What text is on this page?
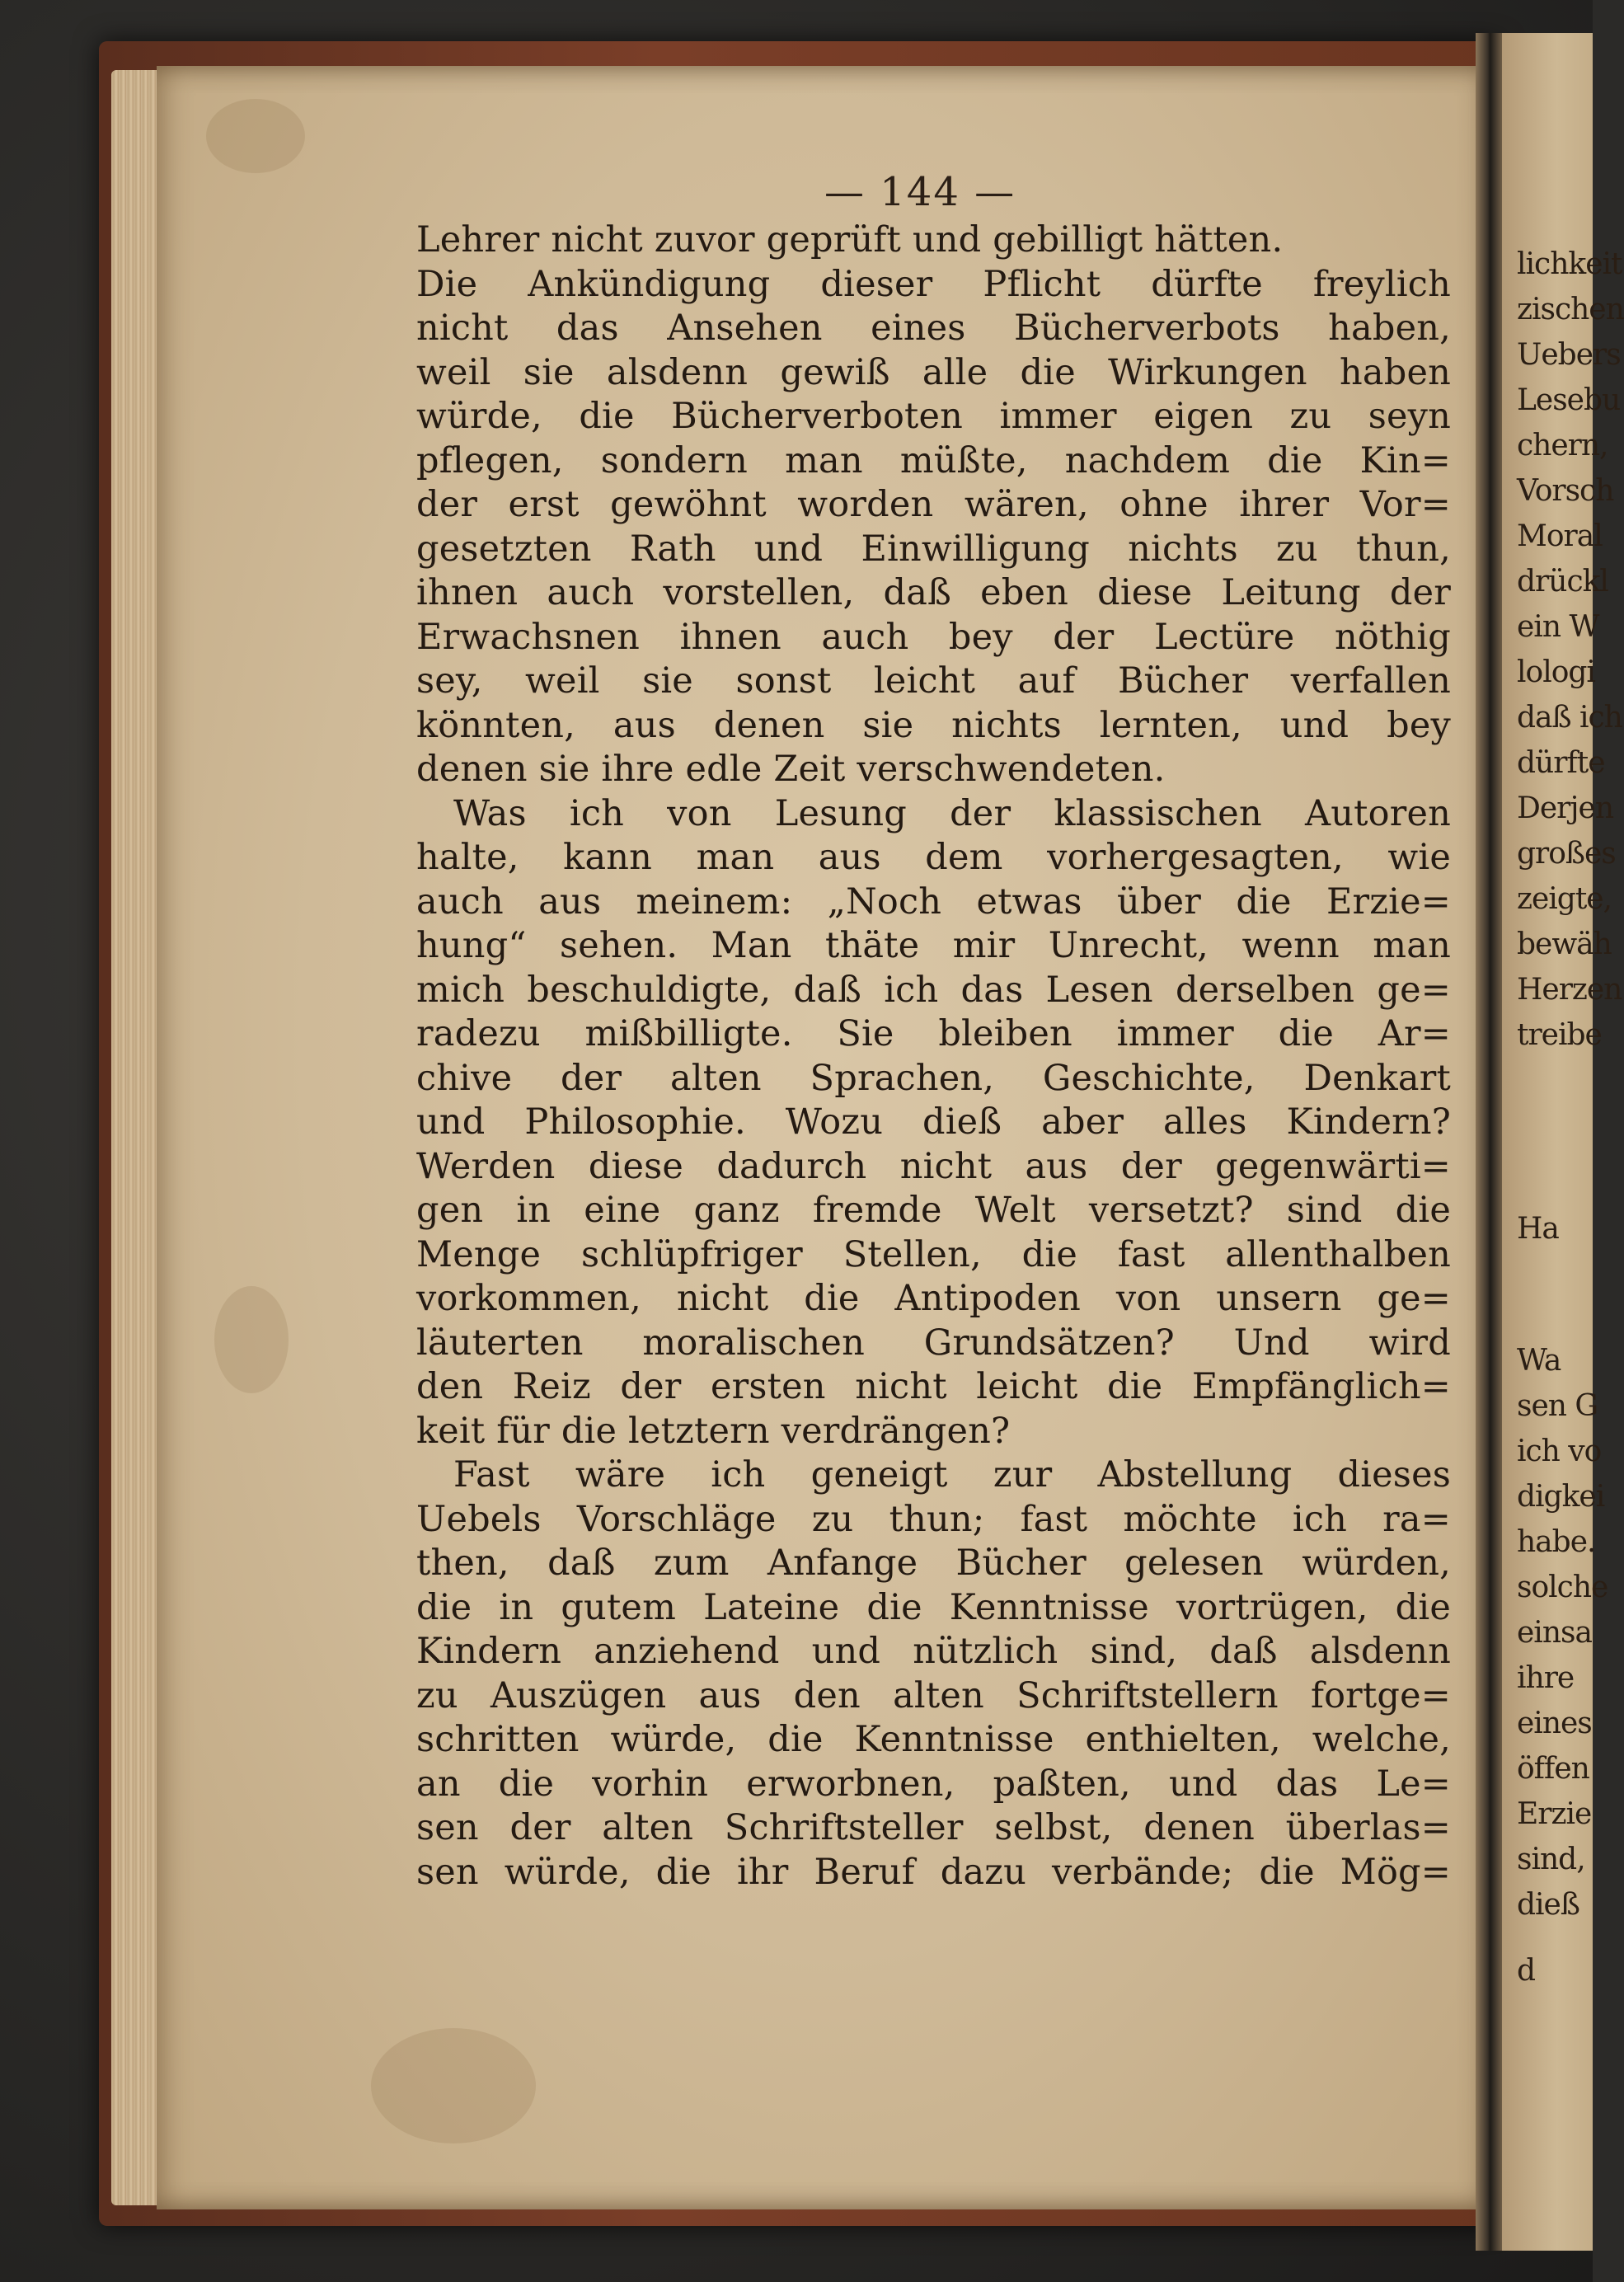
lichkeit
zischen
Uebers
Lesebu
chern,
Vorsch
Moral
drückl
ein W
lologi
daß ich
dürfte
Derjen
großes
zeigte,
bewäh
Herzen
treibe
Ha
Wa
sen G
ich vo
digkei
habe.
solche
einsa
ihre
eines
öffen
Erzie
sind,
dieß
d
— 144 —
Lehrer nicht zuvor geprüft und gebilligt hätten.
Die Ankündigung dieser Pflicht dürfte freylich
nicht das Ansehen eines Bücherverbots haben,
weil sie alsdenn gewiß alle die Wirkungen haben
würde, die Bücherverboten immer eigen zu seyn
pflegen, sondern man müßte, nachdem die Kin=
der erst gewöhnt worden wären, ohne ihrer Vor=
gesetzten Rath und Einwilligung nichts zu thun,
ihnen auch vorstellen, daß eben diese Leitung der
Erwachsnen ihnen auch bey der Lectüre nöthig
sey, weil sie sonst leicht auf Bücher verfallen
könnten, aus denen sie nichts lernten, und bey
denen sie ihre edle Zeit verschwendeten.
Was ich von Lesung der klassischen Autoren
halte, kann man aus dem vorhergesagten, wie
auch aus meinem: „Noch etwas über die Erzie=
hung“ sehen. Man thäte mir Unrecht, wenn man
mich beschuldigte, daß ich das Lesen derselben ge=
radezu mißbilligte. Sie bleiben immer die Ar=
chive der alten Sprachen, Geschichte, Denkart
und Philosophie. Wozu dieß aber alles Kindern?
Werden diese dadurch nicht aus der gegenwärti=
gen in eine ganz fremde Welt versetzt? sind die
Menge schlüpfriger Stellen, die fast allenthalben
vorkommen, nicht die Antipoden von unsern ge=
läuterten moralischen Grundsätzen? Und wird
den Reiz der ersten nicht leicht die Empfänglich=
keit für die letztern verdrängen?
Fast wäre ich geneigt zur Abstellung dieses
Uebels Vorschläge zu thun; fast möchte ich ra=
then, daß zum Anfange Bücher gelesen würden,
die in gutem Lateine die Kenntnisse vortrügen, die
Kindern anziehend und nützlich sind, daß alsdenn
zu Auszügen aus den alten Schriftstellern fortge=
schritten würde, die Kenntnisse enthielten, welche,
an die vorhin erworbnen, paßten, und das Le=
sen der alten Schriftsteller selbst, denen überlas=
sen würde, die ihr Beruf dazu verbände; die Mög=
